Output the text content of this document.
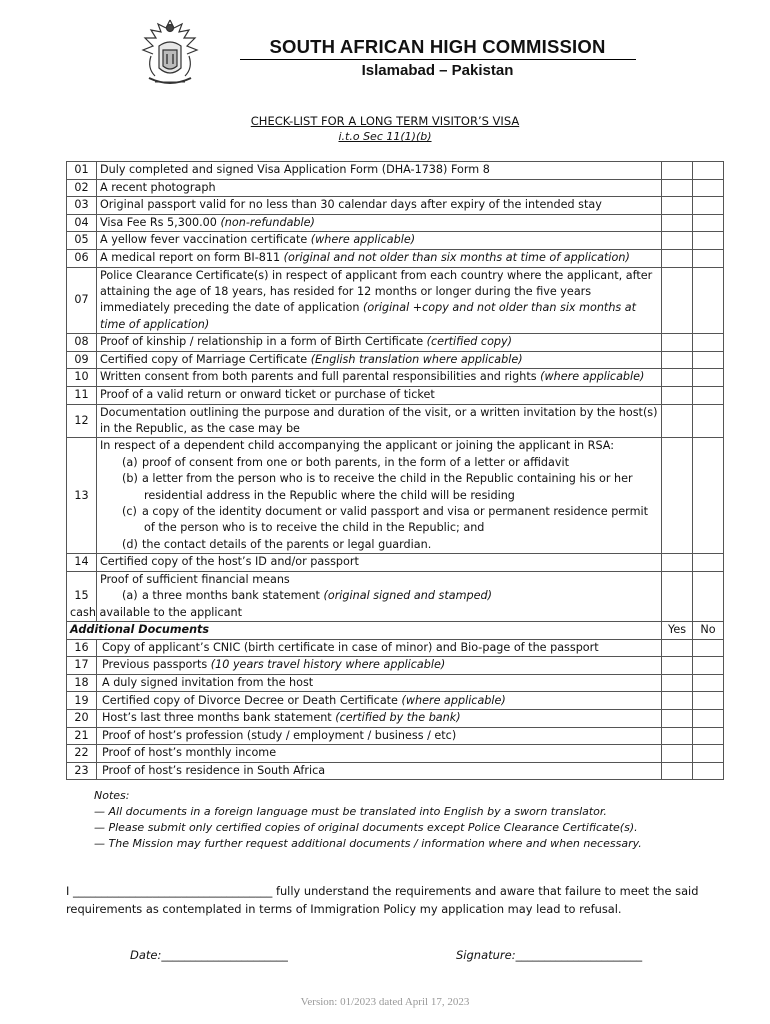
SOUTH AFRICAN HIGH COMMISSION
Islamabad – Pakistan
CHECK-LIST FOR A LONG TERM VISITOR’S VISA
i.t.o Sec 11(1)(b)
01	Duly completed and signed Visa Application Form (DHA-1738) Form 8		
02	A recent photograph		
03	Original passport valid for no less than 30 calendar days after expiry of the intended stay		
04	Visa Fee Rs 5,300.00 (non-refundable)		
05	A yellow fever vaccination certificate (where applicable)		
06	A medical report on form BI-811 (original and not older than six months at time of application)		
07	Police Clearance Certificate(s) in respect of applicant from each country where the applicant, after attaining the age of 18 years, has resided for 12 months or longer during the five years immediately preceding the date of application (original +copy and not older than six months at time of application)		
08	Proof of kinship / relationship in a form of Birth Certificate (certified copy)		
09	Certified copy of Marriage Certificate (English translation where applicable)		
10	Written consent from both parents and full parental responsibilities and rights (where applicable)		
11	Proof of a valid return or onward ticket or purchase of ticket		
12	Documentation outlining the purpose and duration of the visit, or a written invitation by the host(s) in the Republic, as the case may be		
13	In respect of a dependent child accompanying the applicant or joining the applicant in RSA:
(a) proof of consent from one or both parents, in the form of a letter or affidavit
(b) a letter from the person who is to receive the child in the Republic containing his or her residential address in the Republic where the child will be residing
(c) a copy of the identity document or valid passport and visa or permanent residence permit of the person who is to receive the child in the Republic; and
(d) the contact details of the parents or legal guardian.		

14	Certified copy of the host’s ID and/or passport		
15	Proof of sufficient financial means
(a) a three months bank statement (original signed and stamped)
cash available to the applicant		

Additional Documents		Yes	No
16	Copy of applicant’s CNIC (birth certificate in case of minor) and Bio-page of the passport		
17	Previous passports (10 years travel history where applicable)		
18	A duly signed invitation from the host		
19	Certified copy of Divorce Decree or Death Certificate (where applicable)		
20	Host’s last three months bank statement (certified by the bank)		
21	Proof of host’s profession (study / employment / business / etc)		
22	Proof of host’s monthly income		
23	Proof of host’s residence in South Africa		
Notes:
— All documents in a foreign language must be translated into English by a sworn translator.
— Please submit only certified copies of original documents except Police Clearance Certificate(s).
— The Mission may further request additional documents / information where and when necessary.
I ___________________________________ fully understand the requirements and aware that failure to meet the said requirements as contemplated in terms of Immigration Policy my application may lead to refusal.
Date:______________________	Signature:______________________
Version: 01/2023 dated April 17, 2023
